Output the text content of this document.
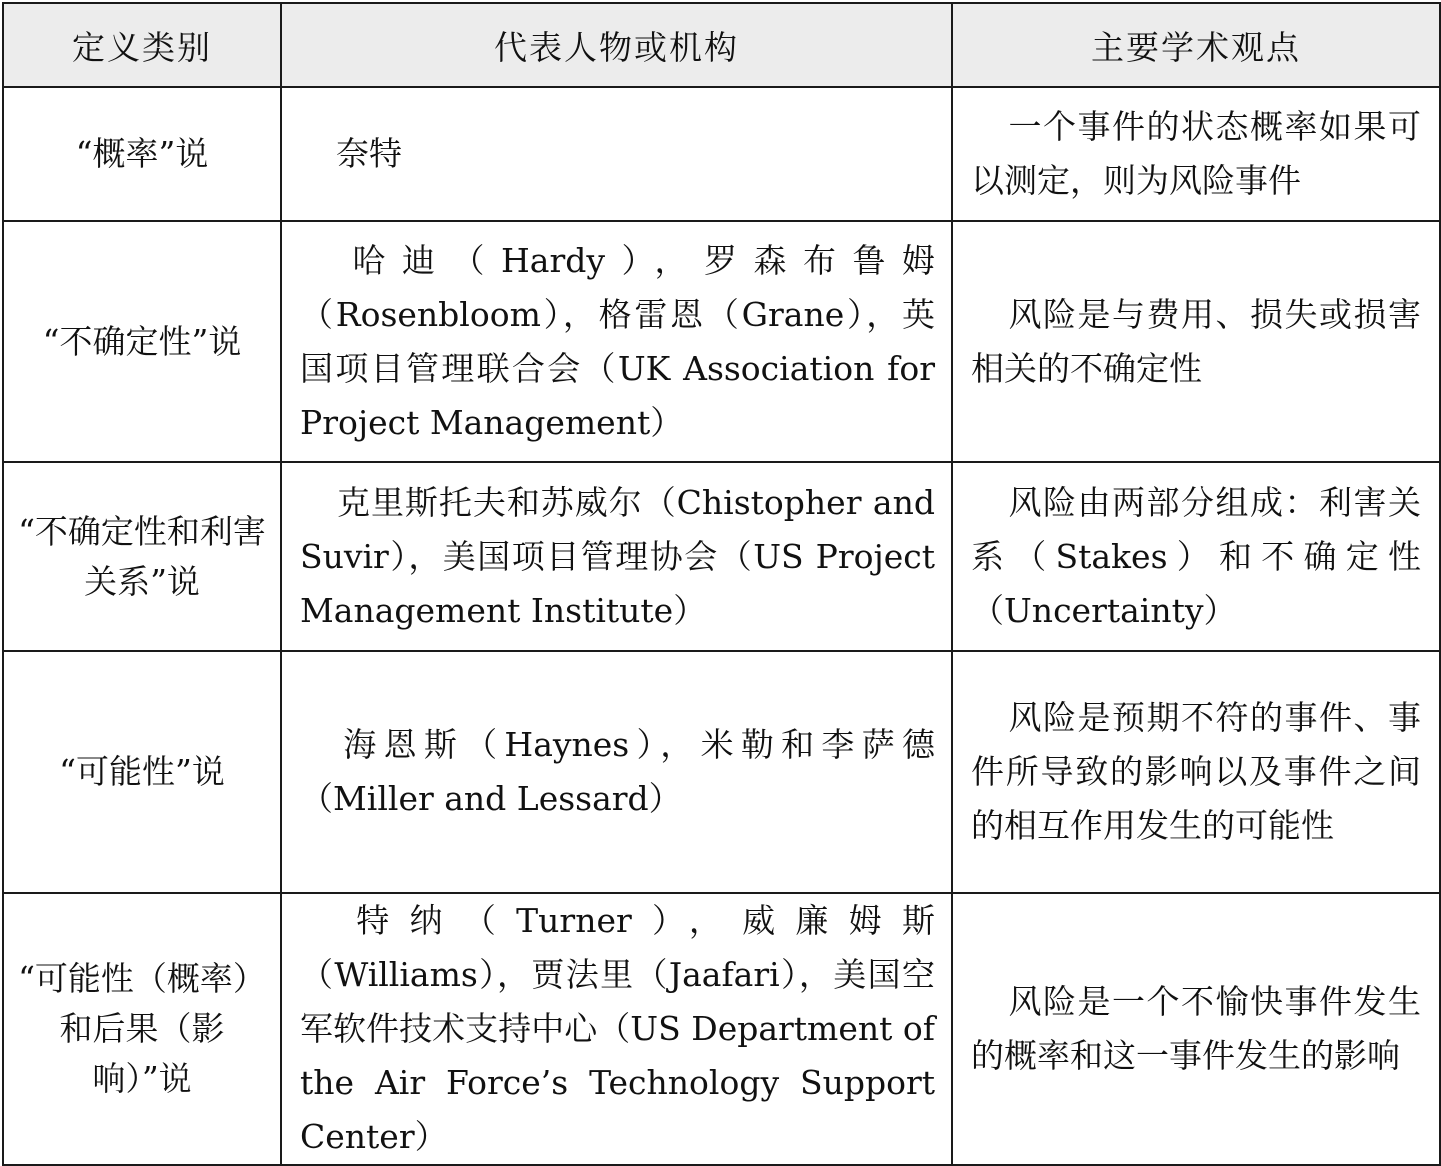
定义类别	代表人物或机构	主要学术观点
“概率”说	奈特	一个事件的状态概率如果可以测定，则为风险事件
“不确定性”说	哈迪（Hardy），罗森布鲁姆（Rosenbloom），格雷恩（Grane），英国项目管理联合会（UK Association for Project Management）	风险是与费用、损失或损害相关的不确定性
“不确定性和利害关系”说	克里斯托夫和苏威尔（Chistopher and Suvir），美国项目管理协会（US Project Management Institute）	风险由两部分组成：利害关系（Stakes）和不确定性（Uncertainty）
“可能性”说	海恩斯（Haynes），米勒和李萨德（Miller and Lessard）	风险是预期不符的事件、事件所导致的影响以及事件之间的相互作用发生的可能性
“可能性（概率）和后果（影响）”说	特纳（Turner），威廉姆斯（Williams），贾法里（Jaafari），美国空军软件技术支持中心（US Department of the Air Force’s Technology Support Center）	风险是一个不愉快事件发生的概率和这一事件发生的影响
